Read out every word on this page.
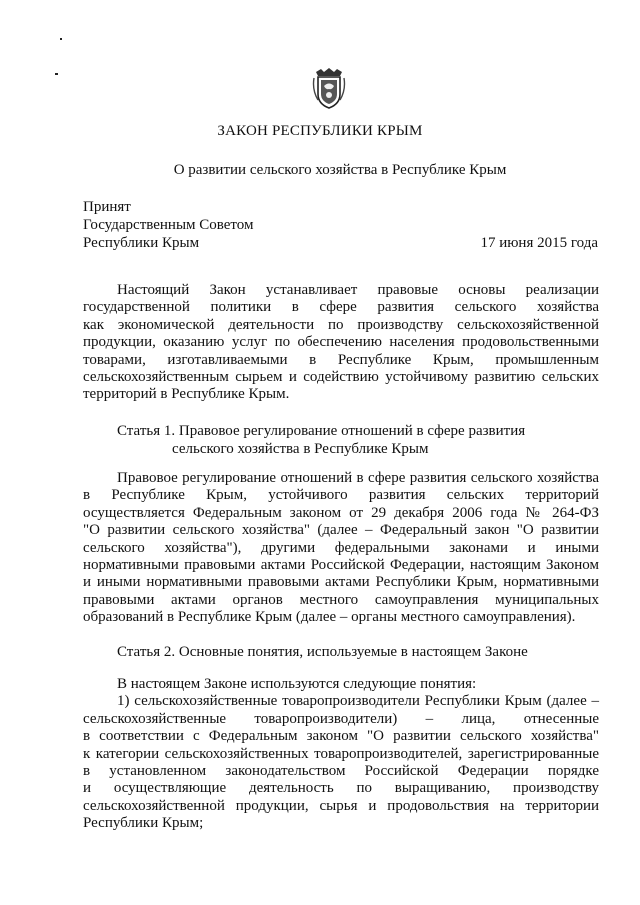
ЗАКОН РЕСПУБЛИКИ КРЫМ
О развитии сельского хозяйства в Республике Крым
Принят
Государственным Советом
Республики Крым	17 июня 2015 года
Настоящий Закон устанавливает правовые основы реализации
государственной политики в сфере развития сельского хозяйства
как экономической деятельности по производству сельскохозяйственной
продукции, оказанию услуг по обеспечению населения продовольственными
товарами, изготавливаемыми в Республике Крым, промышленным
сельскохозяйственным сырьем и содействию устойчивому развитию сельских
территорий в Республике Крым.
Статья 1. Правовое регулирование отношений в сфере развития
сельского хозяйства в Республике Крым
Правовое регулирование отношений в сфере развития сельского хозяйства
в Республике Крым, устойчивого развития сельских территорий
осуществляется Федеральным законом от 29 декабря 2006 года № 264-ФЗ
"О развитии сельского хозяйства" (далее – Федеральный закон "О развитии
сельского хозяйства"), другими федеральными законами и иными
нормативными правовыми актами Российской Федерации, настоящим Законом
и иными нормативными правовыми актами Республики Крым, нормативными
правовыми актами органов местного самоуправления муниципальных
образований в Республике Крым (далее – органы местного самоуправления).
Статья 2. Основные понятия, используемые в настоящем Законе
В настоящем Законе используются следующие понятия:
1) сельскохозяйственные товаропроизводители Республики Крым (далее –
сельскохозяйственные товаропроизводители) – лица, отнесенные
в соответствии с Федеральным законом "О развитии сельского хозяйства"
к категории сельскохозяйственных товаропроизводителей, зарегистрированные
в установленном законодательством Российской Федерации порядке
и осуществляющие деятельность по выращиванию, производству
сельскохозяйственной продукции, сырья и продовольствия на территории
Республики Крым;
